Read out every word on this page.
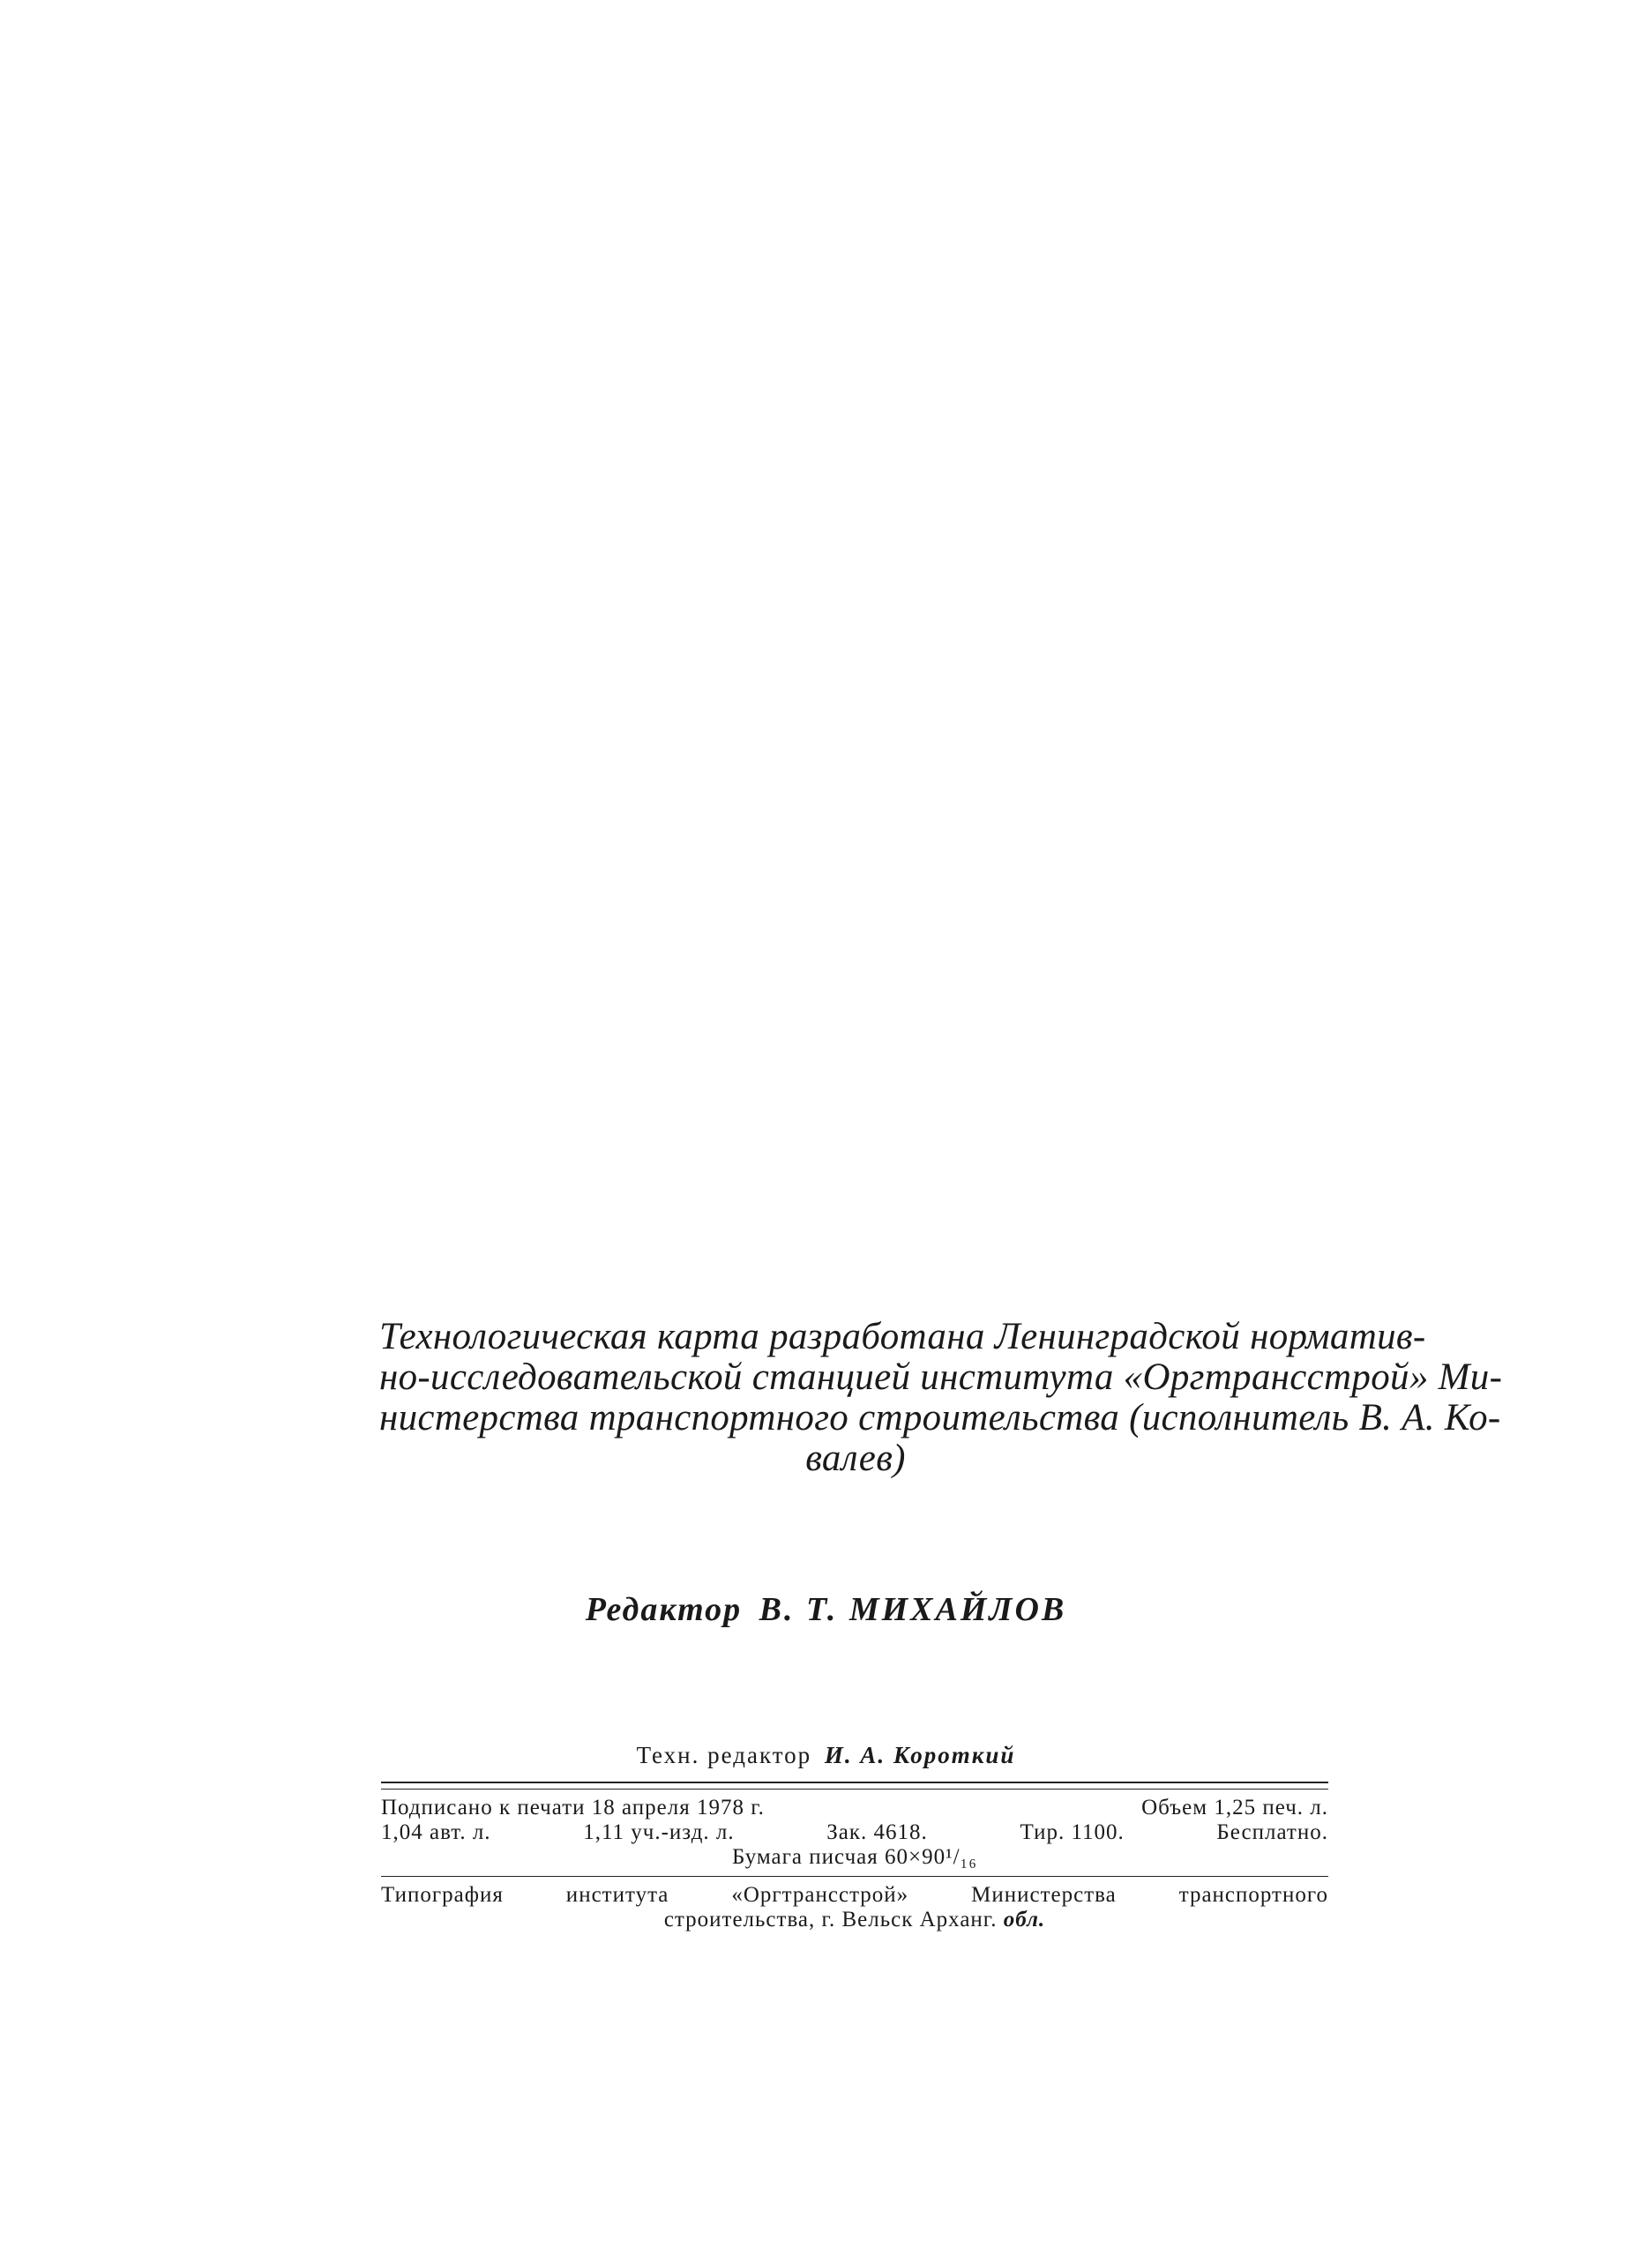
Технологическая карта разработана Ленинградской норматив-
но-исследовательской станцией института «Оргтрансстрой» Ми-
нистерства транспортного строительства (исполнитель В. А. Ко-
валев)
Редактор В. Т. МИХАЙЛОВ
Техн. редактор И. А. Короткий
Подписано к печати 18 апреля 1978 г.	Объем 1,25 печ. л.
1,04 авт. л.	1,11 уч.-изд. л.	Зак. 4618.	Тир. 1100.	Бесплатно.
Бумага писчая 60×90¹/₁₆
Типография института «Оргтрансстрой» Министерства транспортного
строительства, г. Вельск Арханг.
обл.
